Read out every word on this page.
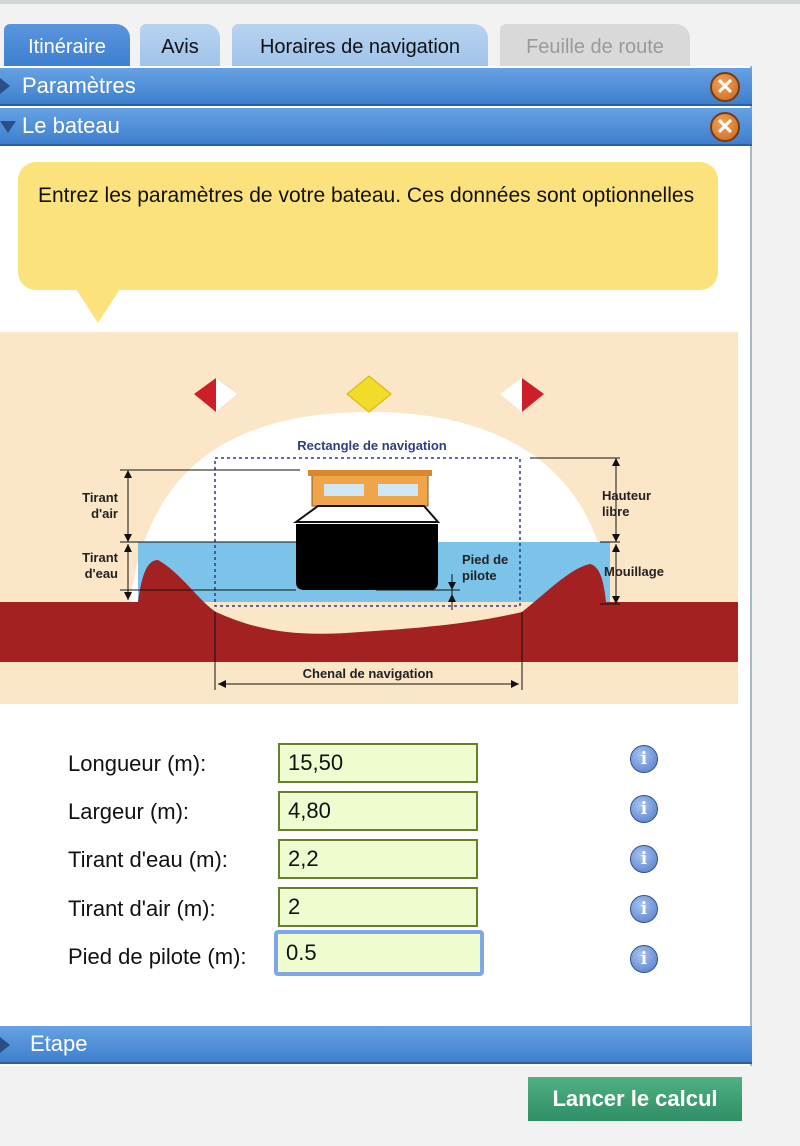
Itinéraire	Avis	Horaires de navigation	Feuille de route
Paramètres	✕
Le bateau	✕
Entrez les paramètres de votre bateau. Ces données sont optionnelles
Rectangle de navigation
Tirant
d'air
Tirant
d'eau
Pied de
pilote
Hauteur
libre
Mouillage
Chenal de navigation
Longueur (m):
15,50	i
Largeur (m):
4,80	i
Tirant d'eau (m):
2,2	i
Tirant d'air (m):
2	i
Pied de pilote (m):
0.5	i
Etape
Lancer le calcul
